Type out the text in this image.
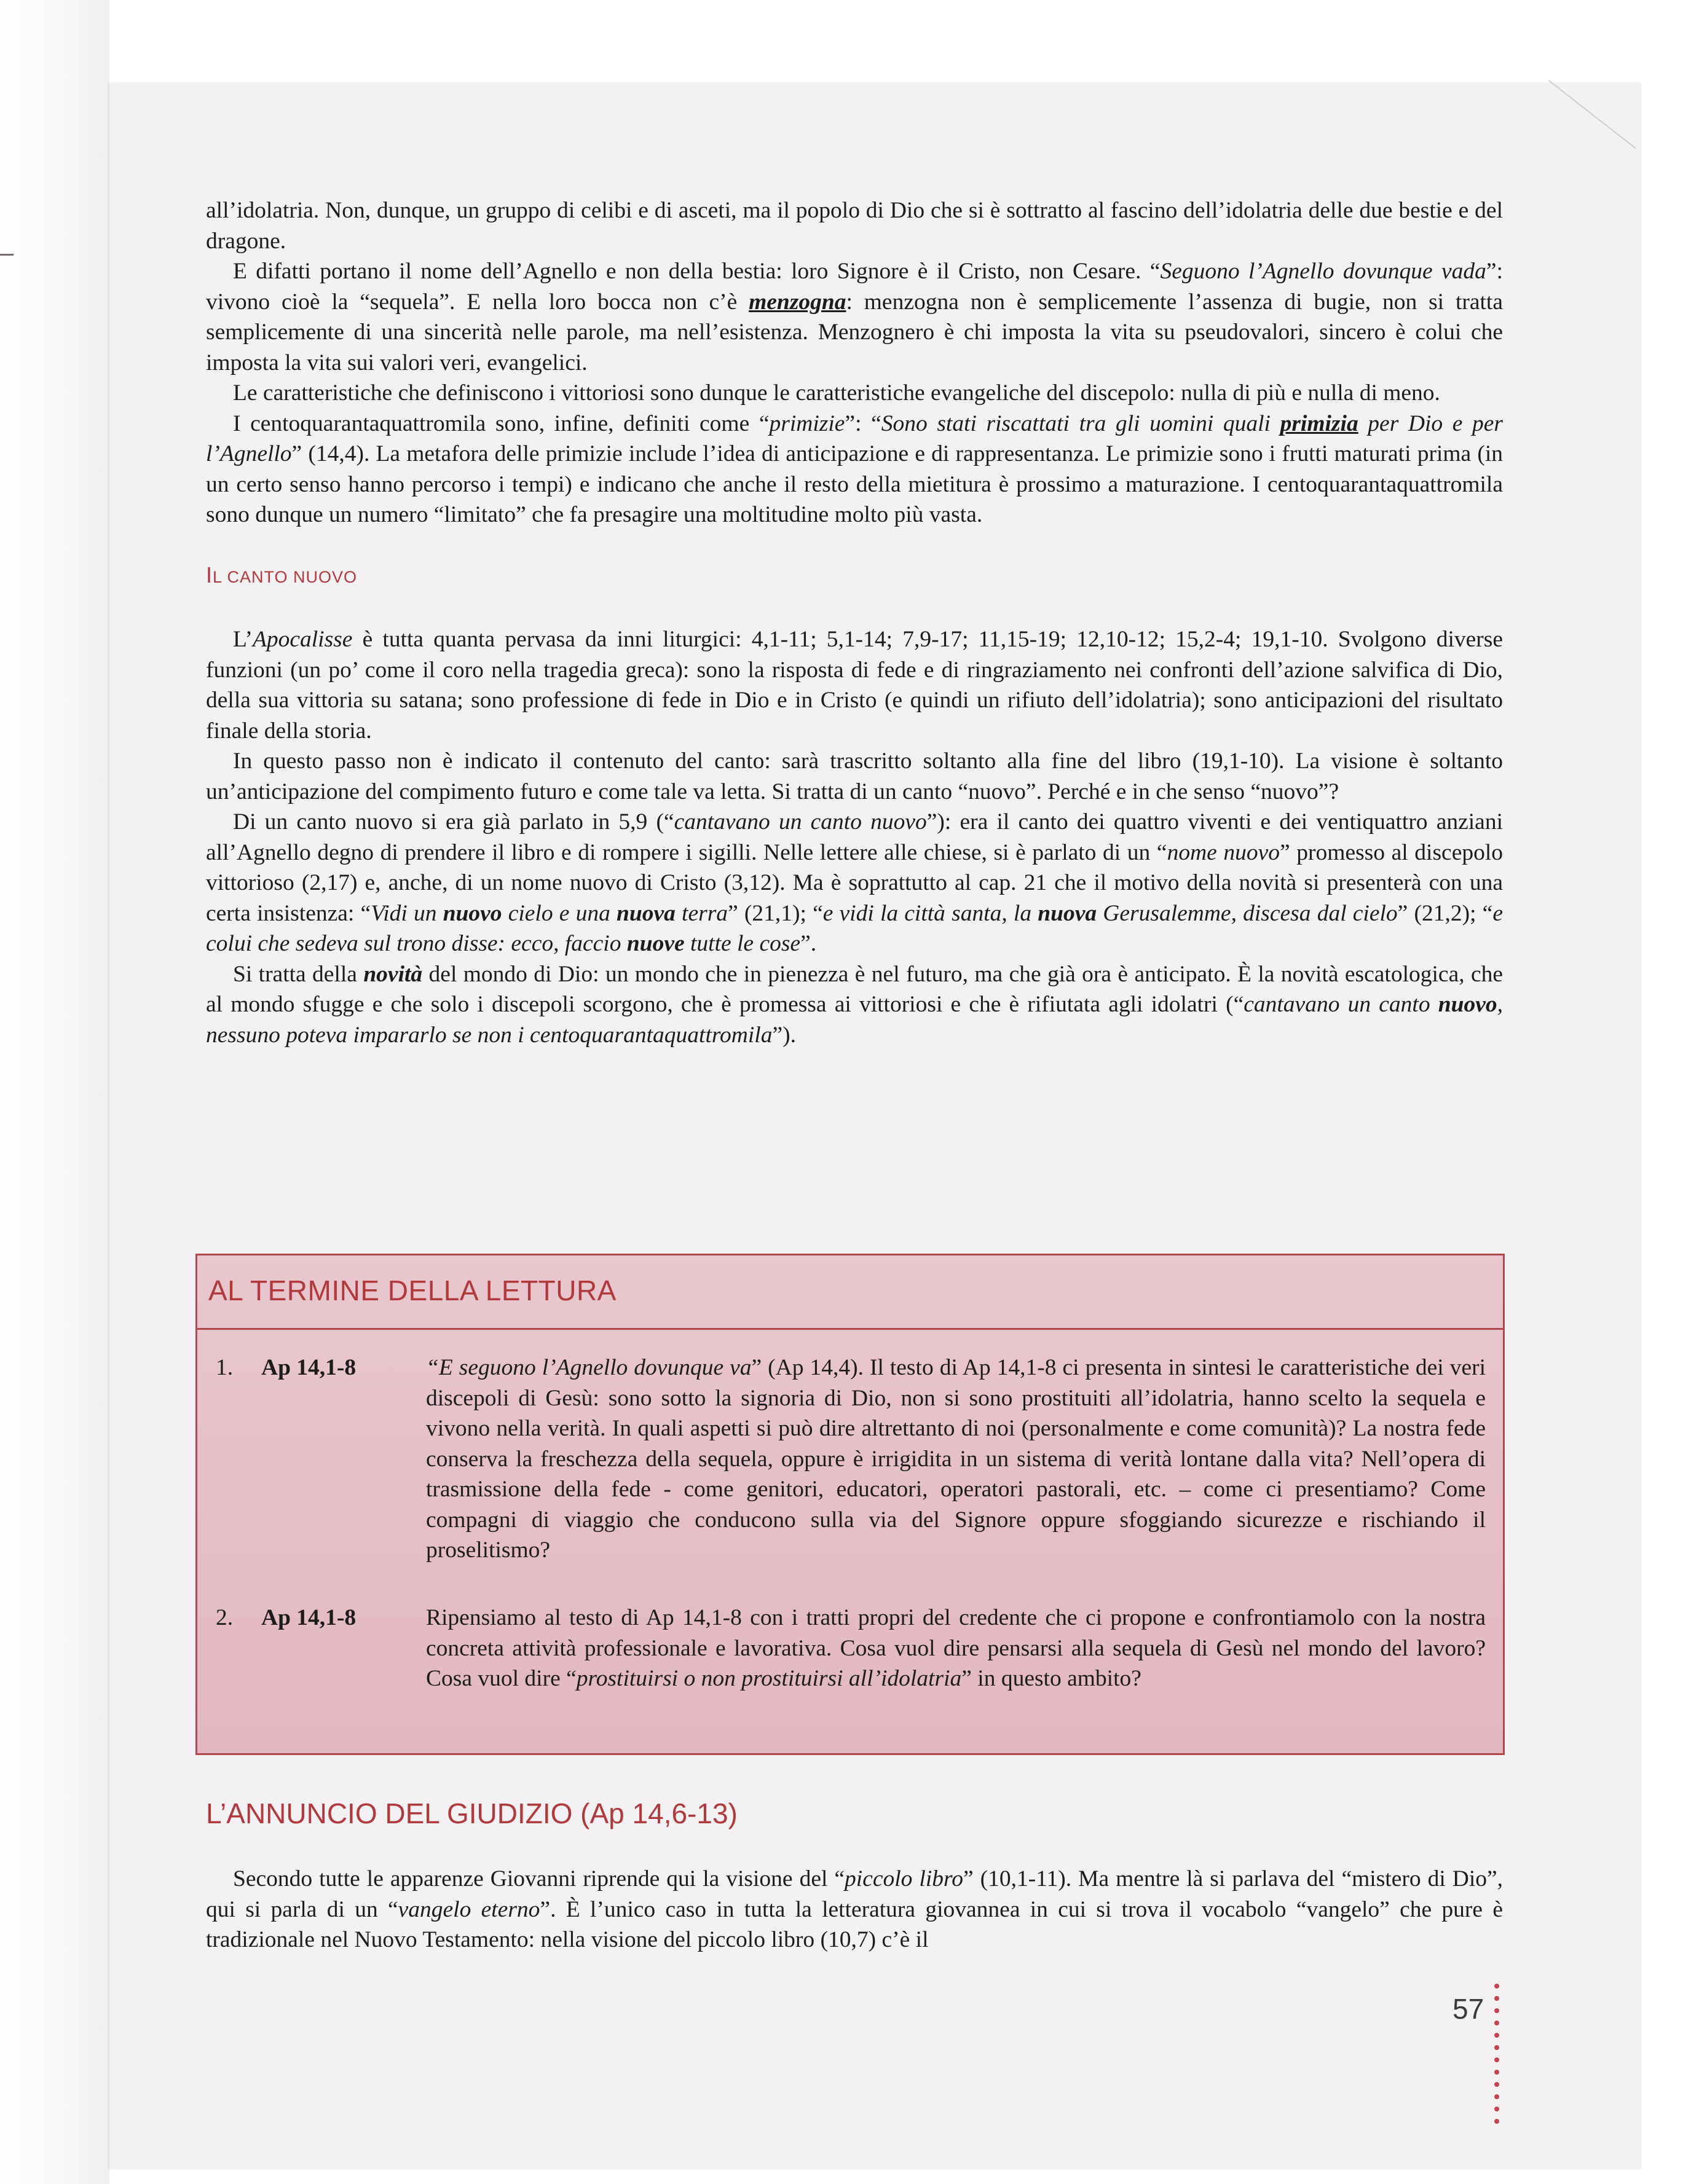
all’idolatria. Non, dunque, un gruppo di celibi e di asceti, ma il popolo di Dio che si è sottratto al fascino dell’idolatria delle due bestie e del dragone.

E difatti portano il nome dell’Agnello e non della bestia: loro Signore è il Cristo, non Cesare. “Seguono l’Agnello dovunque vada”: vivono cioè la “sequela”. E nella loro bocca non c’è menzogna: menzogna non è semplicemente l’assenza di bugie, non si tratta semplicemente di una sincerità nelle parole, ma nell’esistenza. Menzognero è chi imposta la vita su pseudovalori, sincero è colui che imposta la vita sui valori veri, evangelici.

Le caratteristiche che definiscono i vittoriosi sono dunque le caratteristiche evangeliche del discepolo: nulla di più e nulla di meno.

I centoquarantaquattromila sono, infine, definiti come “primizie”: “Sono stati riscattati tra gli uomini quali primizia per Dio e per l’Agnello” (14,4). La metafora delle primizie include l’idea di anticipazione e di rappresentanza. Le primizie sono i frutti maturati prima (in un certo senso hanno percorso i tempi) e indicano che anche il resto della mietitura è prossimo a maturazione. I centoquarantaquattromila sono dunque un numero “limitato” che fa presagire una moltitudine molto più vasta.

IL CANTO NUOVO

L’Apocalisse è tutta quanta pervasa da inni liturgici: 4,1-11; 5,1-14; 7,9-17; 11,15-19; 12,10-12; 15,2-4; 19,1-10. Svolgono diverse funzioni (un po’ come il coro nella tragedia greca): sono la risposta di fede e di ringraziamento nei confronti dell’azione salvifica di Dio, della sua vittoria su satana; sono professione di fede in Dio e in Cristo (e quindi un rifiuto dell’idolatria); sono anticipazioni del risultato finale della storia.

In questo passo non è indicato il contenuto del canto: sarà trascritto soltanto alla fine del libro (19,1-10). La visione è soltanto un’anticipazione del compimento futuro e come tale va letta. Si tratta di un canto “nuovo”. Perché e in che senso “nuovo”?

Di un canto nuovo si era già parlato in 5,9 (“cantavano un canto nuovo”): era il canto dei quattro viventi e dei ventiquattro anziani all’Agnello degno di prendere il libro e di rompere i sigilli. Nelle lettere alle chiese, si è parlato di un “nome nuovo” promesso al discepolo vittorioso (2,17) e, anche, di un nome nuovo di Cristo (3,12). Ma è soprattutto al cap. 21 che il motivo della novità si presenterà con una certa insistenza: “Vidi un nuovo cielo e una nuova terra” (21,1); “e vidi la città santa, la nuova Gerusalemme, discesa dal cielo” (21,2); “e colui che sedeva sul trono disse: ecco, faccio nuove tutte le cose”.

Si tratta della novità del mondo di Dio: un mondo che in pienezza è nel futuro, ma che già ora è anticipato. È la novità escatologica, che al mondo sfugge e che solo i discepoli scorgono, che è promessa ai vittoriosi e che è rifiutata agli idolatri (“cantavano un canto nuovo, nessuno poteva impararlo se non i centoquarantaquattromila”).

AL TERMINE DELLA LETTURA
1. Ap 14,1-8	“E seguono l’Agnello dovunque va” (Ap 14,4). Il testo di Ap 14,1-8 ci presenta in sintesi le caratteristiche dei veri discepoli di Gesù: sono sotto la signoria di Dio, non si sono prostituiti all’idolatria, hanno scelto la sequela e vivono nella verità. In quali aspetti si può dire altrettanto di noi (personalmente e come comunità)? La nostra fede conserva la freschezza della sequela, oppure è irrigidita in un sistema di verità lontane dalla vita? Nell’opera di trasmissione della fede - come genitori, educatori, operatori pastorali, etc. – come ci presentiamo? Come compagni di viaggio che conducono sulla via del Signore oppure sfoggiando sicurezze e rischiando il proselitismo?
2. Ap 14,1-8	Ripensiamo al testo di Ap 14,1-8 con i tratti propri del credente che ci propone e confrontiamolo con la nostra concreta attività professionale e lavorativa. Cosa vuol dire pensarsi alla sequela di Gesù nel mondo del lavoro? Cosa vuol dire “prostituirsi o non prostituirsi all’idolatria” in questo ambito?
L’ANNUNCIO DEL GIUDIZIO (Ap 14,6-13)
Secondo tutte le apparenze Giovanni riprende qui la visione del “piccolo libro” (10,1-11). Ma mentre là si parlava del “mistero di Dio”, qui si parla di un “vangelo eterno”. È l’unico caso in tutta la letteratura giovannea in cui si trova il vocabolo “vangelo” che pure è tradizionale nel Nuovo Testamento: nella visione del piccolo libro (10,7) c’è il
57
